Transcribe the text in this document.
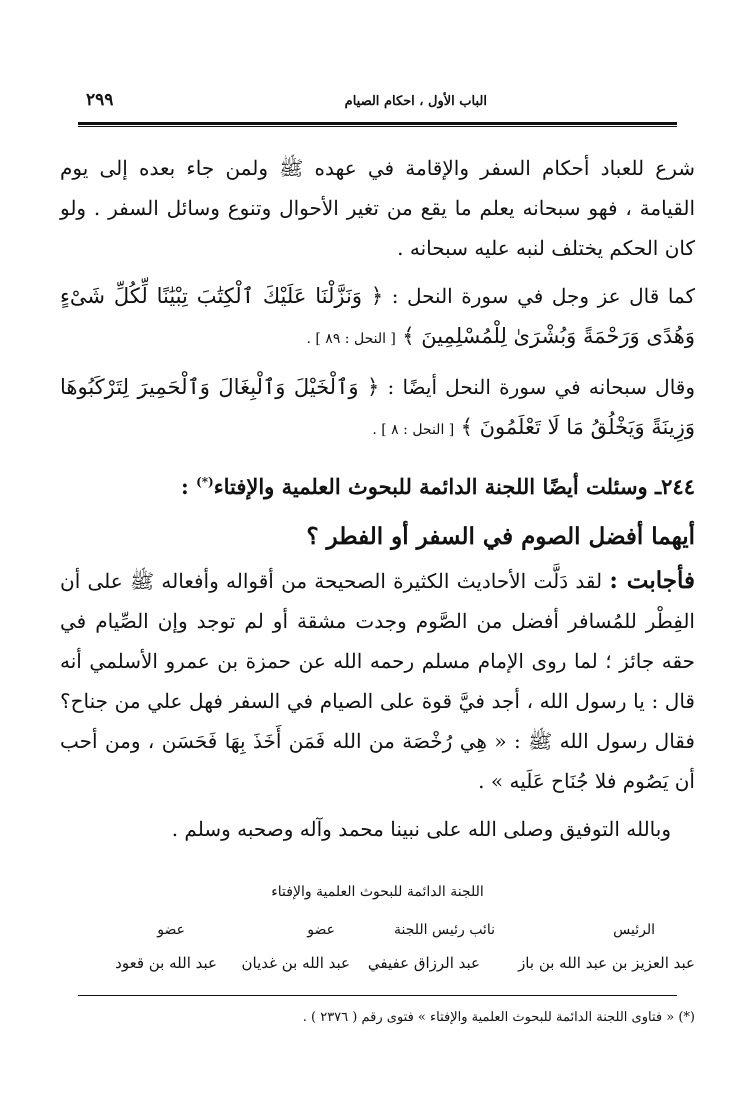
الباب الأول ، احكام الصيام
٢٩٩

شرع للعباد أحكام السفر والإقامة في عهده ﷺ ولمن جاء بعده إلى يوم القيامة ، فهو سبحانه يعلم ما يقع من تغير الأحوال وتنوع وسائل السفر . ولو كان الحكم يختلف لنبه عليه سبحانه .

كما قال عز وجل في سورة النحل : ﴿ وَنَزَّلْنَا عَلَيْكَ ٱلْكِتَٰبَ تِبْيَٰنًا لِّكُلِّ شَىْءٍ وَهُدًى وَرَحْمَةً وَبُشْرَىٰ لِلْمُسْلِمِينَ ﴾ [ النحل : ٨٩ ] .

وقال سبحانه في سورة النحل أيضًا : ﴿ وَٱلْخَيْلَ وَٱلْبِغَالَ وَٱلْحَمِيرَ لِتَرْكَبُوهَا وَزِينَةً وَيَخْلُقُ مَا لَا تَعْلَمُونَ ﴾ [ النحل : ٨ ] .

٢٤٤ـ وسئلت أيضًا اللجنة الدائمة للبحوث العلمية والإفتاء(*) :

أيهما أفضل الصوم في السفر أو الفطر ؟

فأجابت : لقد دَلَّت الأحاديث الكثيرة الصحيحة من أقواله وأفعاله ﷺ على أن الفِطْر للمُسافر أفضل من الصَّوم وجدت مشقة أو لم توجد وإن الصِّيام في حقه جائز ؛ لما روى الإمام مسلم رحمه الله عن حمزة بن عمرو الأسلمي أنه قال : يا رسول الله ، أجد فيَّ قوة على الصيام في السفر فهل علي من جناح؟ فقال رسول الله ﷺ : « هِي رُخْصَة من الله فَمَن أَخَذَ بِهَا فَحَسَن ، ومن أحب أن يَصُوم فلا جُنَاح عَلَيه » .

وبالله التوفيق وصلى الله على نبينا محمد وآله وصحبه وسلم .

اللجنة الدائمة للبحوث العلمية والإفتاء

الرئيس
نائب رئيس اللجنة
عضو
عضو
عبد العزيز بن عبد الله بن باز
عبد الرزاق عفيفي
عبد الله بن غديان
عبد الله بن قعود
(*) « فتاوى اللجنة الدائمة للبحوث العلمية والإفتاء » فتوى رقم ( ٢٣٧٦ ) .
